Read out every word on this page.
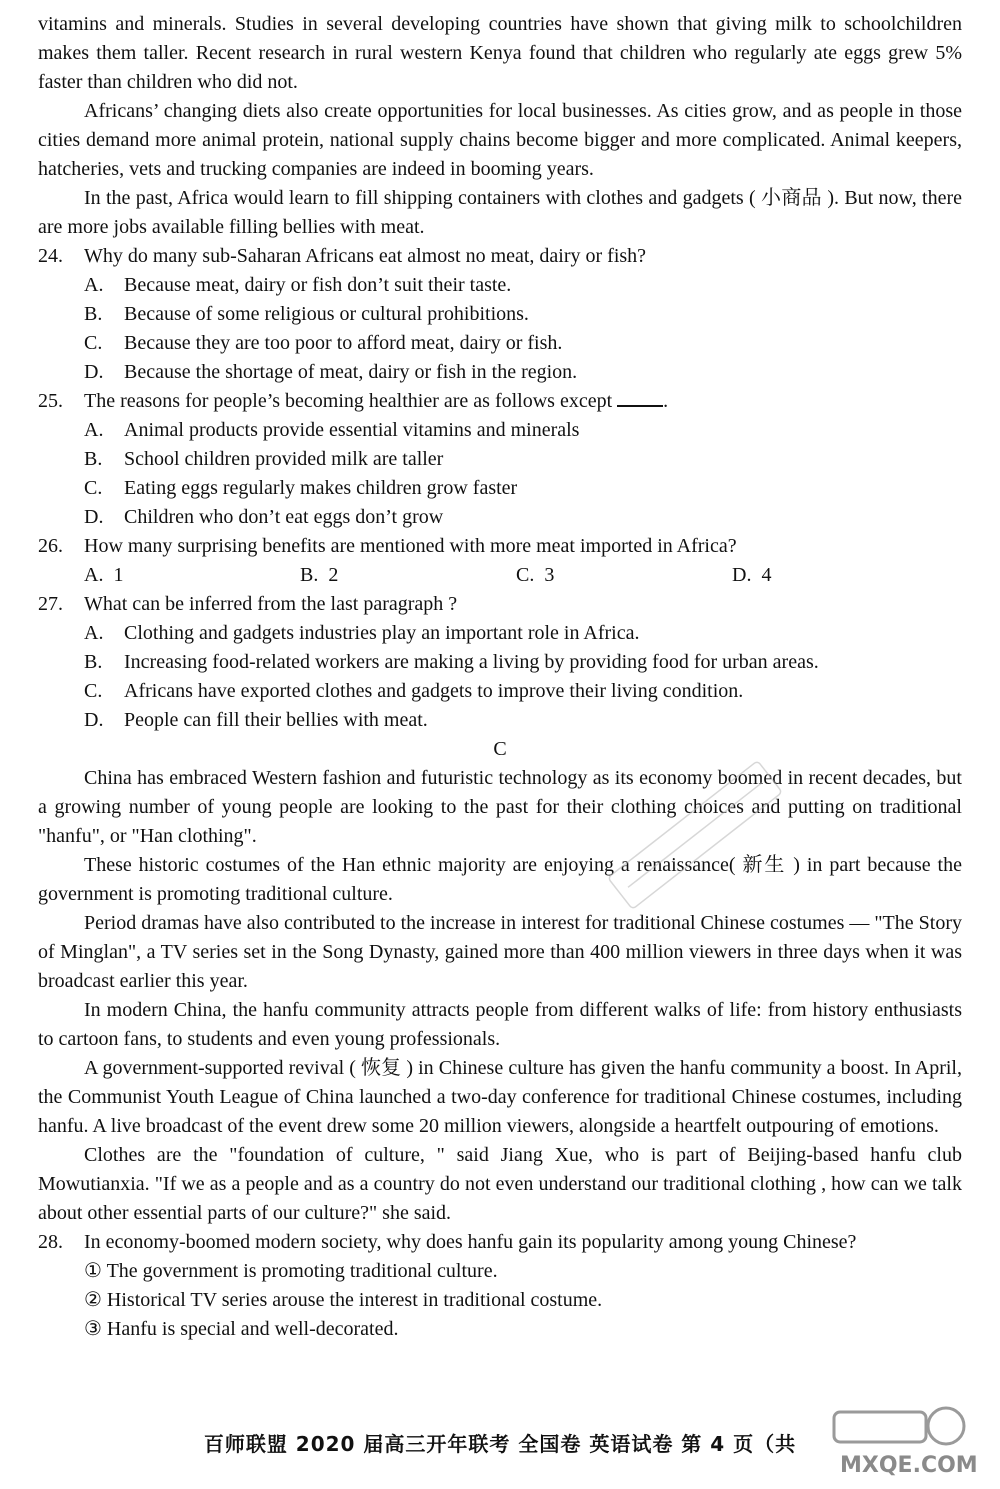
vitamins and minerals. Studies in several developing countries have shown that giving milk to schoolchildren makes them taller. Recent research in rural western Kenya found that children who regularly ate eggs grew 5% faster than children who did not.

Africans’ changing diets also create opportunities for local businesses. As cities grow, and as people in those cities demand more animal protein, national supply chains become bigger and more complicated. Animal keepers, hatcheries, vets and trucking companies are indeed in booming years.

In the past, Africa would learn to fill shipping containers with clothes and gadgets ( 小商品 ). But now, there are more jobs available filling bellies with meat.

24. Why do many sub-Saharan Africans eat almost no meat, dairy or fish?

A. Because meat, dairy or fish don’t suit their taste.

B. Because of some religious or cultural prohibitions.

C. Because they are too poor to afford meat, dairy or fish.

D. Because the shortage of meat, dairy or fish in the region.

25. The reasons for people’s becoming healthier are as follows except	.

A. Animal products provide essential vitamins and minerals

B. School children provided milk are taller

C. Eating eggs regularly makes children grow faster

D. Children who don’t eat eggs don’t grow

26. How many surprising benefits are mentioned with more meat imported in Africa?

A. 1	B. 2	C. 3	D. 4

27. What can be inferred from the last paragraph ?

A. Clothing and gadgets industries play an important role in Africa.

B. Increasing food-related workers are making a living by providing food for urban areas.

C. Africans have exported clothes and gadgets to improve their living condition.

D. People can fill their bellies with meat.

C

China has embraced Western fashion and futuristic technology as its economy boomed in recent decades, but a growing number of young people are looking to the past for their clothing choices and putting on traditional "hanfu", or "Han clothing".

These historic costumes of the Han ethnic majority are enjoying a renaissance( 新生 ) in part because the government is promoting traditional culture.

Period dramas have also contributed to the increase in interest for traditional Chinese costumes — "The Story of Minglan", a TV series set in the Song Dynasty, gained more than 400 million viewers in three days when it was broadcast earlier this year.

In modern China, the hanfu community attracts people from different walks of life: from history enthusiasts to cartoon fans, to students and even young professionals.

A government-supported revival ( 恢复 ) in Chinese culture has given the hanfu community a boost. In April, the Communist Youth League of China launched a two-day conference for traditional Chinese costumes, including hanfu. A live broadcast of the event drew some 20 million viewers, alongside a heartfelt outpouring of emotions.

Clothes are the "foundation of culture, " said Jiang Xue, who is part of Beijing-based hanfu club Mowutianxia. "If we as a people and as a country do not even understand our traditional clothing , how can we talk about other essential parts of our culture?" she said.

28. In economy-boomed modern society, why does hanfu gain its popularity among young Chinese?

① The government is promoting traditional culture.

② Historical TV series arouse the interest in traditional costume.

③ Hanfu is special and well-decorated.

百师联盟 2020 届高三开年联考 全国卷 英语试卷 第 4 页（共
MXQE.COM
